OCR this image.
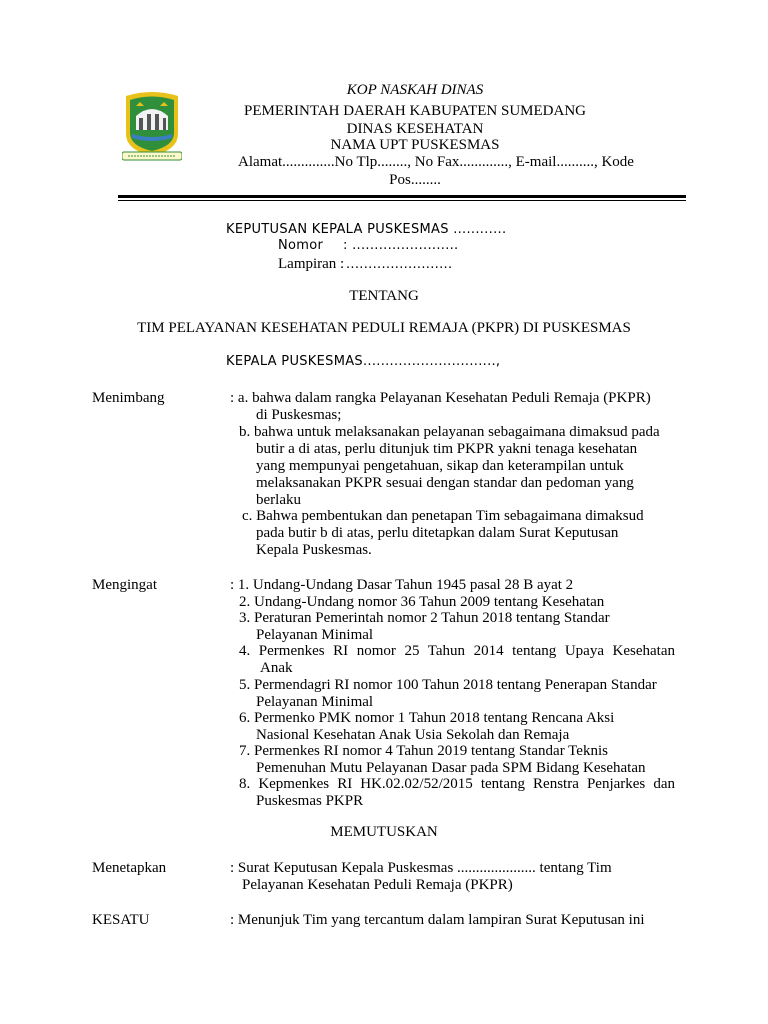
KOP NASKAH DINAS
PEMERINTAH DAERAH KABUPATEN SUMEDANG
DINAS KESEHATAN
NAMA UPT PUSKESMAS
Alamat..............No Tlp........, No Fax............., E-mail.........., Kode
Pos........
KEPUTUSAN KEPALA PUSKESMAS ............
Nomor	: ........................
Lampiran : ........................
TENTANG
TIM PELAYANAN KESEHATAN PEDULI REMAJA (PKPR) DI PUSKESMAS
KEPALA PUSKESMAS..............................,
Menimbang	: a. bahwa dalam rangka Pelayanan Kesehatan Peduli Remaja (PKPR)
di Puskesmas;
b. bahwa untuk melaksanakan pelayanan sebagaimana dimaksud pada
butir a di atas, perlu ditunjuk tim PKPR yakni tenaga kesehatan
yang mempunyai pengetahuan, sikap dan keterampilan untuk
melaksanakan PKPR sesuai dengan standar dan pedoman yang
berlaku
c. Bahwa pembentukan dan penetapan Tim sebagaimana dimaksud
pada butir b di atas, perlu ditetapkan dalam Surat Keputusan
Kepala Puskesmas.
Mengingat	: 1. Undang-Undang Dasar Tahun 1945 pasal 28 B ayat 2
2. Undang-Undang nomor 36 Tahun 2009 tentang Kesehatan
3. Peraturan Pemerintah nomor 2 Tahun 2018 tentang Standar
Pelayanan Minimal
4. Permenkes RI nomor 25 Tahun 2014 tentang Upaya Kesehatan
Anak
5. Permendagri RI nomor 100 Tahun 2018 tentang Penerapan Standar
Pelayanan Minimal
6. Permenko PMK nomor 1 Tahun 2018 tentang Rencana Aksi
Nasional Kesehatan Anak Usia Sekolah dan Remaja
7. Permenkes RI nomor 4 Tahun 2019 tentang Standar Teknis
Pemenuhan Mutu Pelayanan Dasar pada SPM Bidang Kesehatan
8. Kepmenkes RI HK.02.02/52/2015 tentang Renstra Penjarkes dan
Puskesmas PKPR
MEMUTUSKAN
Menetapkan	: Surat Keputusan Kepala Puskesmas ..................... tentang Tim
Pelayanan Kesehatan Peduli Remaja (PKPR)
KESATU	: Menunjuk Tim yang tercantum dalam lampiran Surat Keputusan ini
